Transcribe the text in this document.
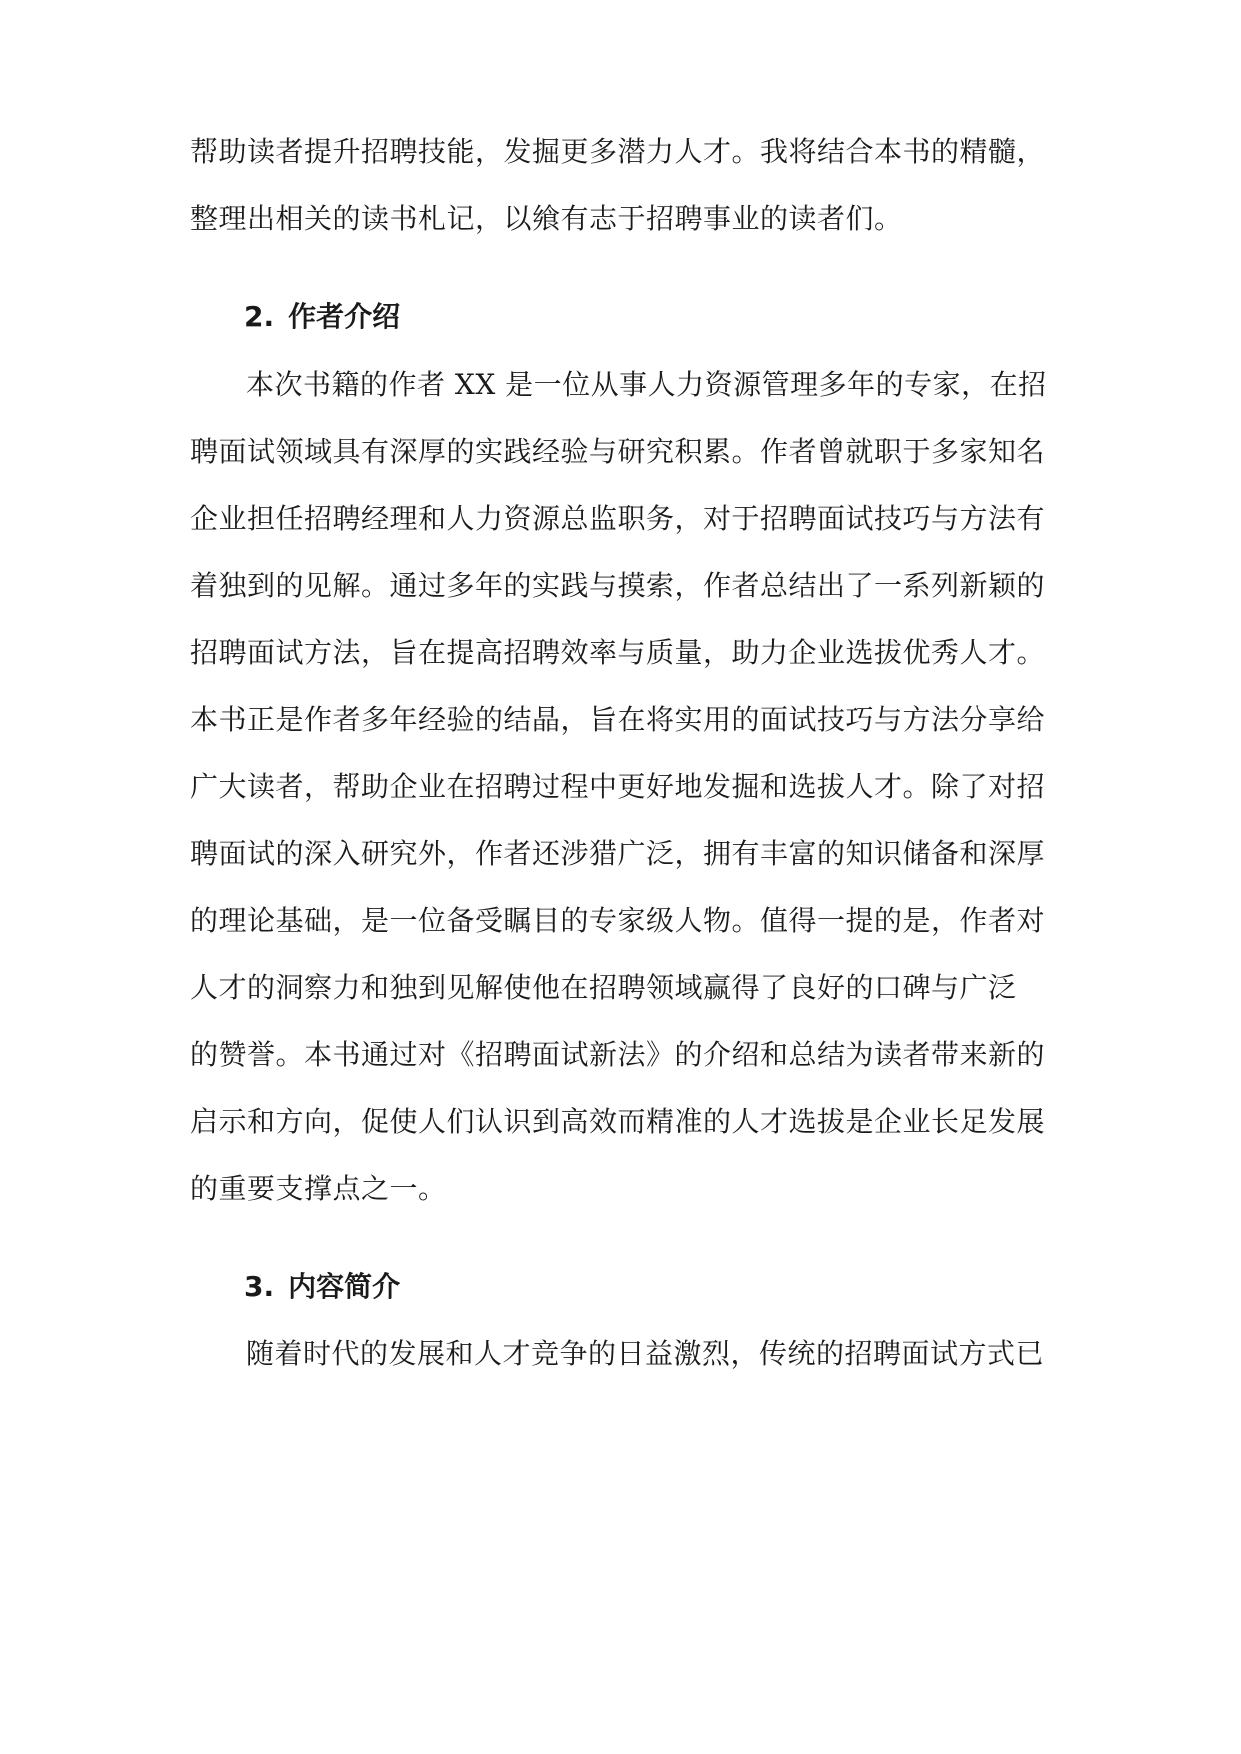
帮助读者提升招聘技能，发掘更多潜力人才。我将结合本书的精髓，
整理出相关的读书札记，以飨有志于招聘事业的读者们。
2. 作者介绍
本次书籍的作者 XX 是一位从事人力资源管理多年的专家，在招
聘面试领域具有深厚的实践经验与研究积累。作者曾就职于多家知名
企业担任招聘经理和人力资源总监职务，对于招聘面试技巧与方法有
着独到的见解。通过多年的实践与摸索，作者总结出了一系列新颖的
招聘面试方法，旨在提高招聘效率与质量，助力企业选拔优秀人才。
本书正是作者多年经验的结晶，旨在将实用的面试技巧与方法分享给
广大读者，帮助企业在招聘过程中更好地发掘和选拔人才。除了对招
聘面试的深入研究外，作者还涉猎广泛，拥有丰富的知识储备和深厚
的理论基础，是一位备受瞩目的专家级人物。值得一提的是，作者对
人才的洞察力和独到见解使他在招聘领域赢得了良好的口碑与广泛
的赞誉。本书通过对《招聘面试新法》的介绍和总结为读者带来新的
启示和方向，促使人们认识到高效而精准的人才选拔是企业长足发展
的重要支撑点之一。
3. 内容简介
随着时代的发展和人才竞争的日益激烈，传统的招聘面试方式已
